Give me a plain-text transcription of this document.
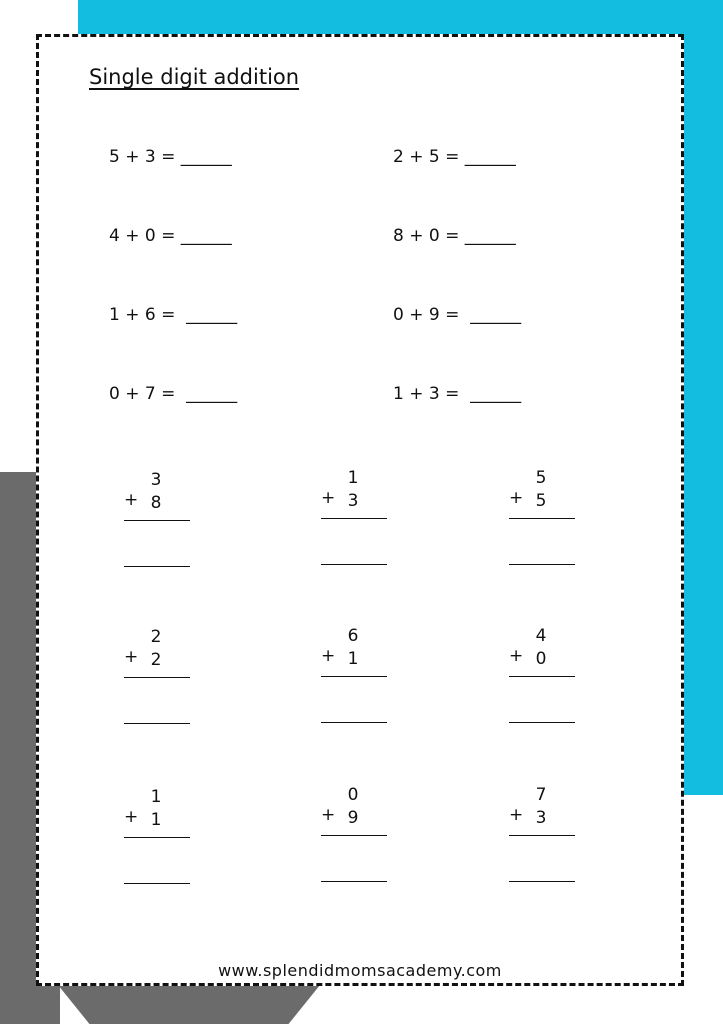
Single digit addition
5 + 3 = ______	2 + 5 = ______
4 + 0 = ______	8 + 0 = ______
1 + 6 =  ______	0 + 9 =  ______
0 + 7 =  ______	1 + 3 =  ______
3
+ 8
1
+ 3
5
+ 5
2
+ 2
6
+ 1
4
+ 0
1
+ 1
0
+ 9
7
+ 3
www.splendidmomsacademy.com
